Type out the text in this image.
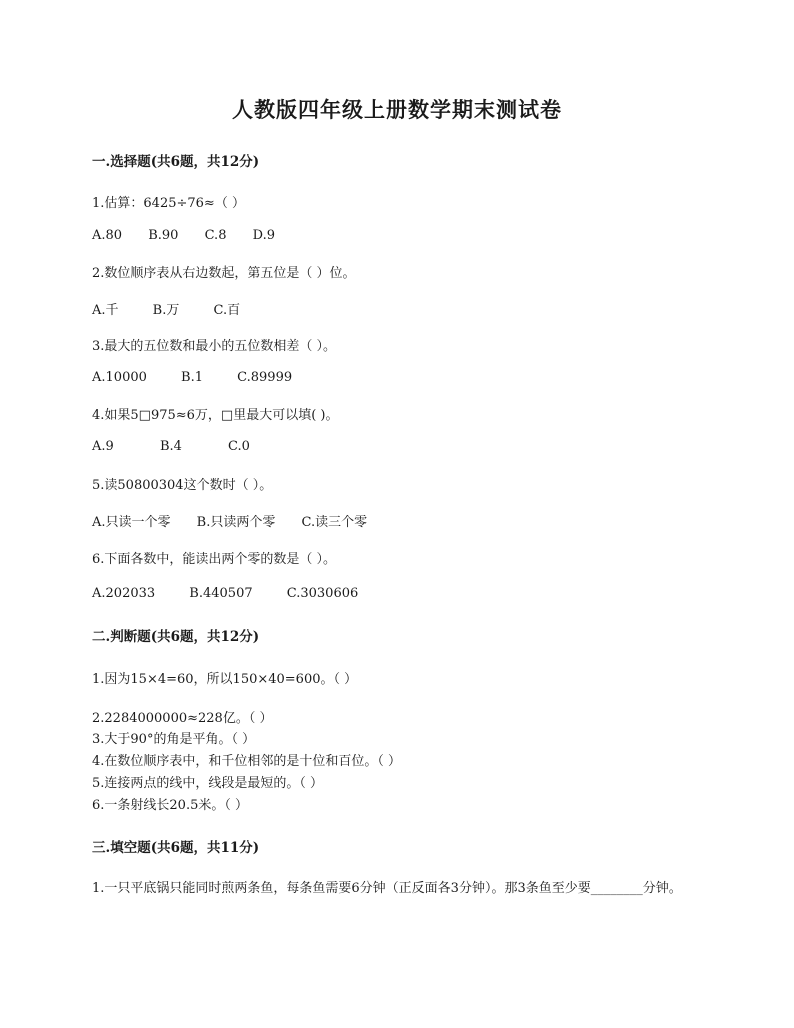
人教版四年级上册数学期末测试卷
一.选择题(共6题，共12分)
1.估算：6425÷76≈（ ）
A.80 B.90 C.8 D.9
2.数位顺序表从右边数起，第五位是（ ）位。
A.千	B.万	C.百
3.最大的五位数和最小的五位数相差（ ）。
A.10000	B.1	C.89999
4.如果5□975≈6万，□里最大可以填( )。
A.9	B.4	C.0
5.读50800304这个数时（ ）。
A.只读一个零 B.只读两个零 C.读三个零
6.下面各数中，能读出两个零的数是（ ）。
A.202033	B.440507	C.3030606
二.判断题(共6题，共12分)
1.因为15×4=60，所以150×40=600。（ ）
2.2284000000≈228亿。（ ）
3.大于90°的角是平角。（ ）
4.在数位顺序表中，和千位相邻的是十位和百位。（ ）
5.连接两点的线中，线段是最短的。（ ）
6.一条射线长20.5米。（ ）
三.填空题(共6题，共11分)
1.一只平底锅只能同时煎两条鱼，每条鱼需要6分钟（正反面各3分钟）。那3条鱼至少要________分钟。
